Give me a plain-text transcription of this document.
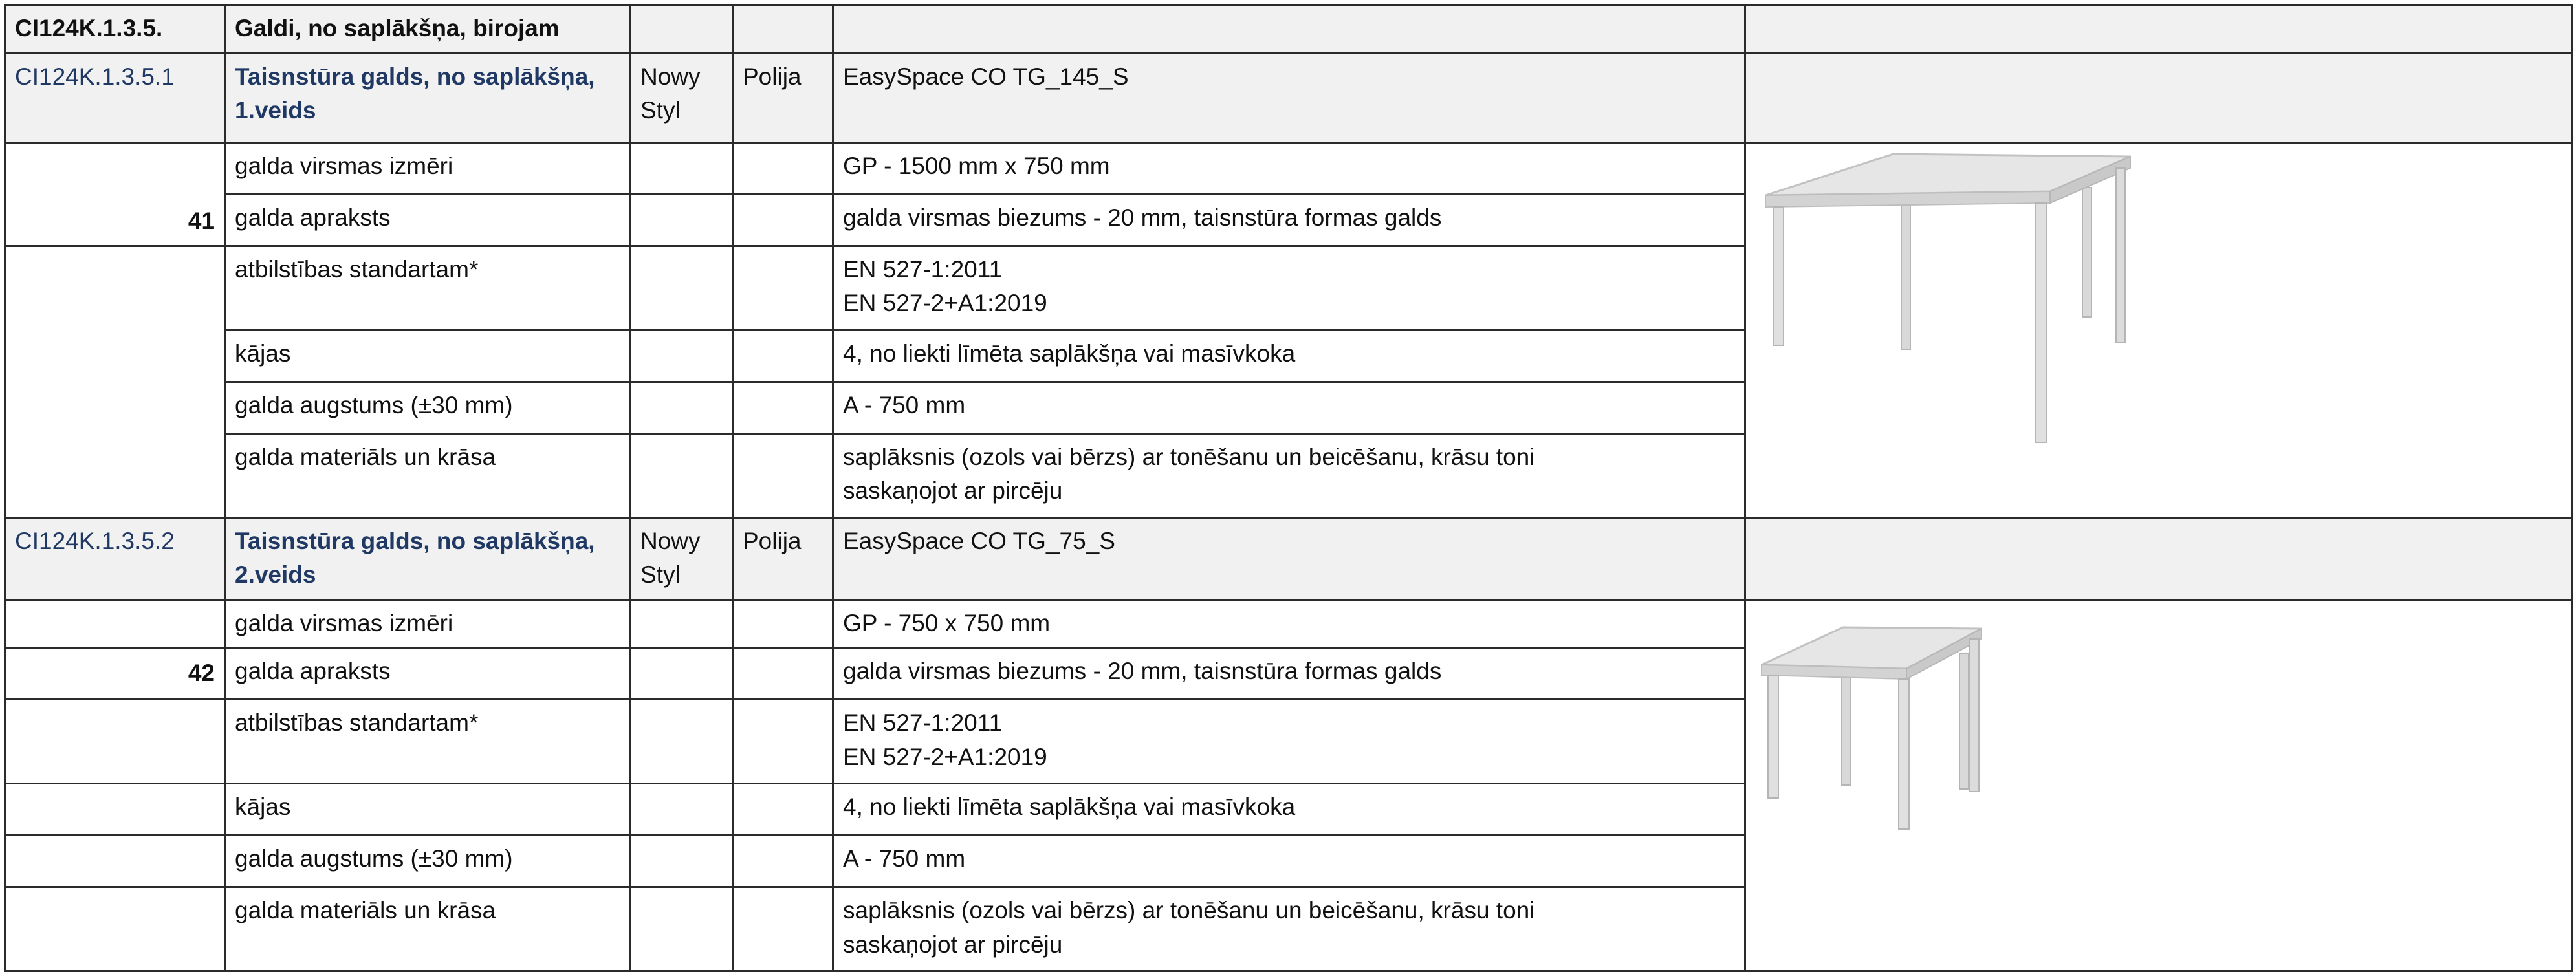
CI124K.1.3.5.	Galdi, no saplākšņa, birojam				
CI124K.1.3.5.1	Taisnstūra galds, no saplākšņa, 1.veids	Nowy Styl	Polija	EasySpace CO TG_145_S	
41	galda virsmas izmēri			GP - 1500 mm x 750 mm	

	galda apraksts			galda virsmas biezums - 20 mm, taisnstūra formas galds	
	atbilstības standartam*			EN 527-1:2011
EN 527-2+A1:2019	

	kājas			4, no liekti līmēta saplākšņa vai masīvkoka	
	galda augstums (±30 mm)			A - 750 mm	
	galda materiāls un krāsa			saplāksnis (ozols vai bērzs) ar tonēšanu un beicēšanu, krāsu toni
saskaņojot ar pircēju	

CI124K.1.3.5.2	Taisnstūra galds, no saplākšņa, 2.veids	Nowy Styl	Polija	EasySpace CO TG_75_S	
	galda virsmas izmēri			GP - 750 x 750 mm	

42	galda apraksts			galda virsmas biezums - 20 mm, taisnstūra formas galds	
	atbilstības standartam*			EN 527-1:2011
EN 527-2+A1:2019	

	kājas			4, no liekti līmēta saplākšņa vai masīvkoka	
	galda augstums (±30 mm)			A - 750 mm	
	galda materiāls un krāsa			saplāksnis (ozols vai bērzs) ar tonēšanu un beicēšanu, krāsu toni
saskaņojot ar pircēju	
